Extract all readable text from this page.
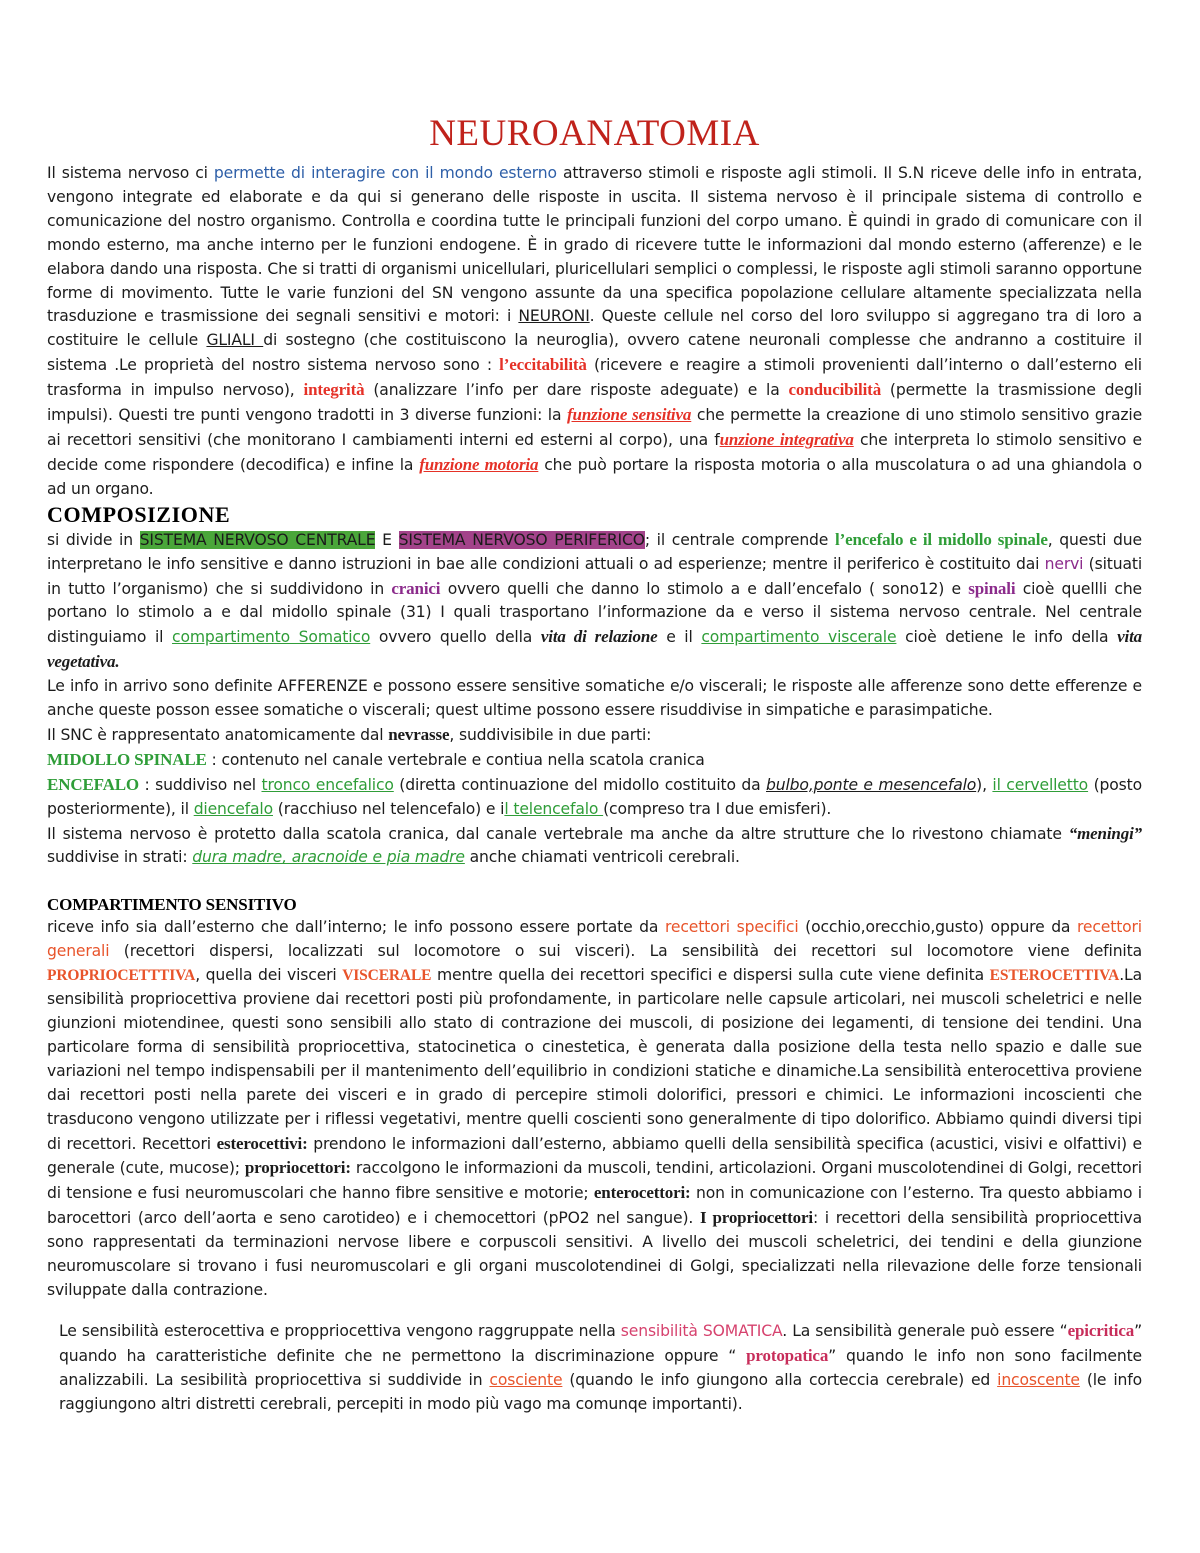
NEUROANATOMIA

Il sistema nervoso ci permette di interagire con il mondo esterno attraverso stimoli e risposte agli stimoli. Il S.N riceve delle info in entrata, vengono integrate ed elaborate e da qui si generano delle risposte in uscita. Il sistema nervoso è il principale sistema di controllo e comunicazione del nostro organismo. Controlla e coordina tutte le principali funzioni del corpo umano. È quindi in grado di comunicare con il mondo esterno, ma anche interno per le funzioni endogene. È in grado di ricevere tutte le informazioni dal mondo esterno (afferenze) e le elabora dando una risposta. Che si tratti di organismi unicellulari, pluricellulari semplici o complessi, le risposte agli stimoli saranno opportune forme di movimento. Tutte le varie funzioni del SN vengono assunte da una specifica popolazione cellulare altamente specializzata nella trasduzione e trasmissione dei segnali sensitivi e motori: i NEURONI. Queste cellule nel corso del loro sviluppo si aggregano tra di loro a costituire le cellule GLIALI di sostegno (che costituiscono la neuroglia), ovvero catene neuronali complesse che andranno a costituire il sistema .Le proprietà del nostro sistema nervoso sono : l’eccitabilità (ricevere e reagire a stimoli provenienti dall’interno o dall’esterno eli trasforma in impulso nervoso), integrità (analizzare l’info per dare risposte adeguate) e la conducibilità (permette la trasmissione degli impulsi). Questi tre punti vengono tradotti in 3 diverse funzioni: la funzione sensitiva che permette la creazione di uno stimolo sensitivo grazie ai recettori sensitivi (che monitorano I cambiamenti interni ed esterni al corpo), una funzione integrativa che interpreta lo stimolo sensitivo e decide come rispondere (decodifica) e infine la funzione motoria che può portare la risposta motoria o alla muscolatura o ad una ghiandola o ad un organo.

COMPOSIZIONE

si divide in SISTEMA NERVOSO CENTRALE E SISTEMA NERVOSO PERIFERICO; il centrale comprende l’encefalo e il midollo spinale, questi due interpretano le info sensitive e danno istruzioni in bae alle condizioni attuali o ad esperienze; mentre il periferico è costituito dai nervi (situati in tutto l’organismo) che si suddividono in cranici ovvero quelli che danno lo stimolo a e dall’encefalo ( sono12) e spinali cioè quellli che portano lo stimolo a e dal midollo spinale (31) I quali trasportano l’informazione da e verso il sistema nervoso centrale. Nel centrale distinguiamo il compartimento Somatico ovvero quello della vita di relazione e il compartimento viscerale cioè detiene le info della vita vegetativa.

Le info in arrivo sono definite AFFERENZE e possono essere sensitive somatiche e/o viscerali; le risposte alle afferenze sono dette efferenze e anche queste posson essee somatiche o viscerali; quest ultime possono essere risuddivise in simpatiche e parasimpatiche.

Il SNC è rappresentato anatomicamente dal nevrasse, suddivisibile in due parti:

MIDOLLO SPINALE : contenuto nel canale vertebrale e contiua nella scatola cranica

ENCEFALO : suddiviso nel tronco encefalico (diretta continuazione del midollo costituito da bulbo,ponte e mesencefalo), il cervelletto (posto posteriormente), il diencefalo (racchiuso nel telencefalo) e il telencefalo (compreso tra I due emisferi).

Il sistema nervoso è protetto dalla scatola cranica, dal canale vertebrale ma anche da altre strutture che lo rivestono chiamate “meningi” suddivise in strati: dura madre, aracnoide e pia madre anche chiamati ventricoli cerebrali.

COMPARTIMENTO SENSITIVO

riceve info sia dall’esterno che dall’interno; le info possono essere portate da recettori specifici (occhio,orecchio,gusto) oppure da recettori generali (recettori dispersi, localizzati sul locomotore o sui visceri). La sensibilità dei recettori sul locomotore viene definita PROPRIOCETTTIVA, quella dei visceri VISCERALE mentre quella dei recettori specifici e dispersi sulla cute viene definita ESTEROCETTIVA.La sensibilità propriocettiva proviene dai recettori posti più profondamente, in particolare nelle capsule articolari, nei muscoli scheletrici e nelle giunzioni miotendinee, questi sono sensibili allo stato di contrazione dei muscoli, di posizione dei legamenti, di tensione dei tendini. Una particolare forma di sensibilità propriocettiva, statocinetica o cinestetica, è generata dalla posizione della testa nello spazio e dalle sue variazioni nel tempo indispensabili per il mantenimento dell’equilibrio in condizioni statiche e dinamiche.La sensibilità enterocettiva proviene dai recettori posti nella parete dei visceri e in grado di percepire stimoli dolorifici, pressori e chimici. Le informazioni incoscienti che trasducono vengono utilizzate per i riflessi vegetativi, mentre quelli coscienti sono generalmente di tipo dolorifico. Abbiamo quindi diversi tipi di recettori. Recettori esterocettivi: prendono le informazioni dall’esterno, abbiamo quelli della sensibilità specifica (acustici, visivi e olfattivi) e generale (cute, mucose); propriocettori: raccolgono le informazioni da muscoli, tendini, articolazioni. Organi muscolotendinei di Golgi, recettori di tensione e fusi neuromuscolari che hanno fibre sensitive e motorie; enterocettori: non in comunicazione con l’esterno. Tra questo abbiamo i barocettori (arco dell’aorta e seno carotideo) e i chemocettori (pPO2 nel sangue). I propriocettori: i recettori della sensibilità propriocettiva sono rappresentati da terminazioni nervose libere e corpuscoli sensitivi. A livello dei muscoli scheletrici, dei tendini e della giunzione neuromuscolare si trovano i fusi neuromuscolari e gli organi muscolotendinei di Golgi, specializzati nella rilevazione delle forze tensionali sviluppate dalla contrazione.

Le sensibilità esterocettiva e proppriocettiva vengono raggruppate nella sensibilità SOMATICA. La sensibilità generale può essere “epicritica” quando ha caratteristiche definite che ne permettono la discriminazione oppure “ protopatica” quando le info non sono facilmente analizzabili. La sesibilità propriocettiva si suddivide in cosciente (quando le info giungono alla corteccia cerebrale) ed incoscente (le info raggiungono altri distretti cerebrali, percepiti in modo più vago ma comunqe importanti).
